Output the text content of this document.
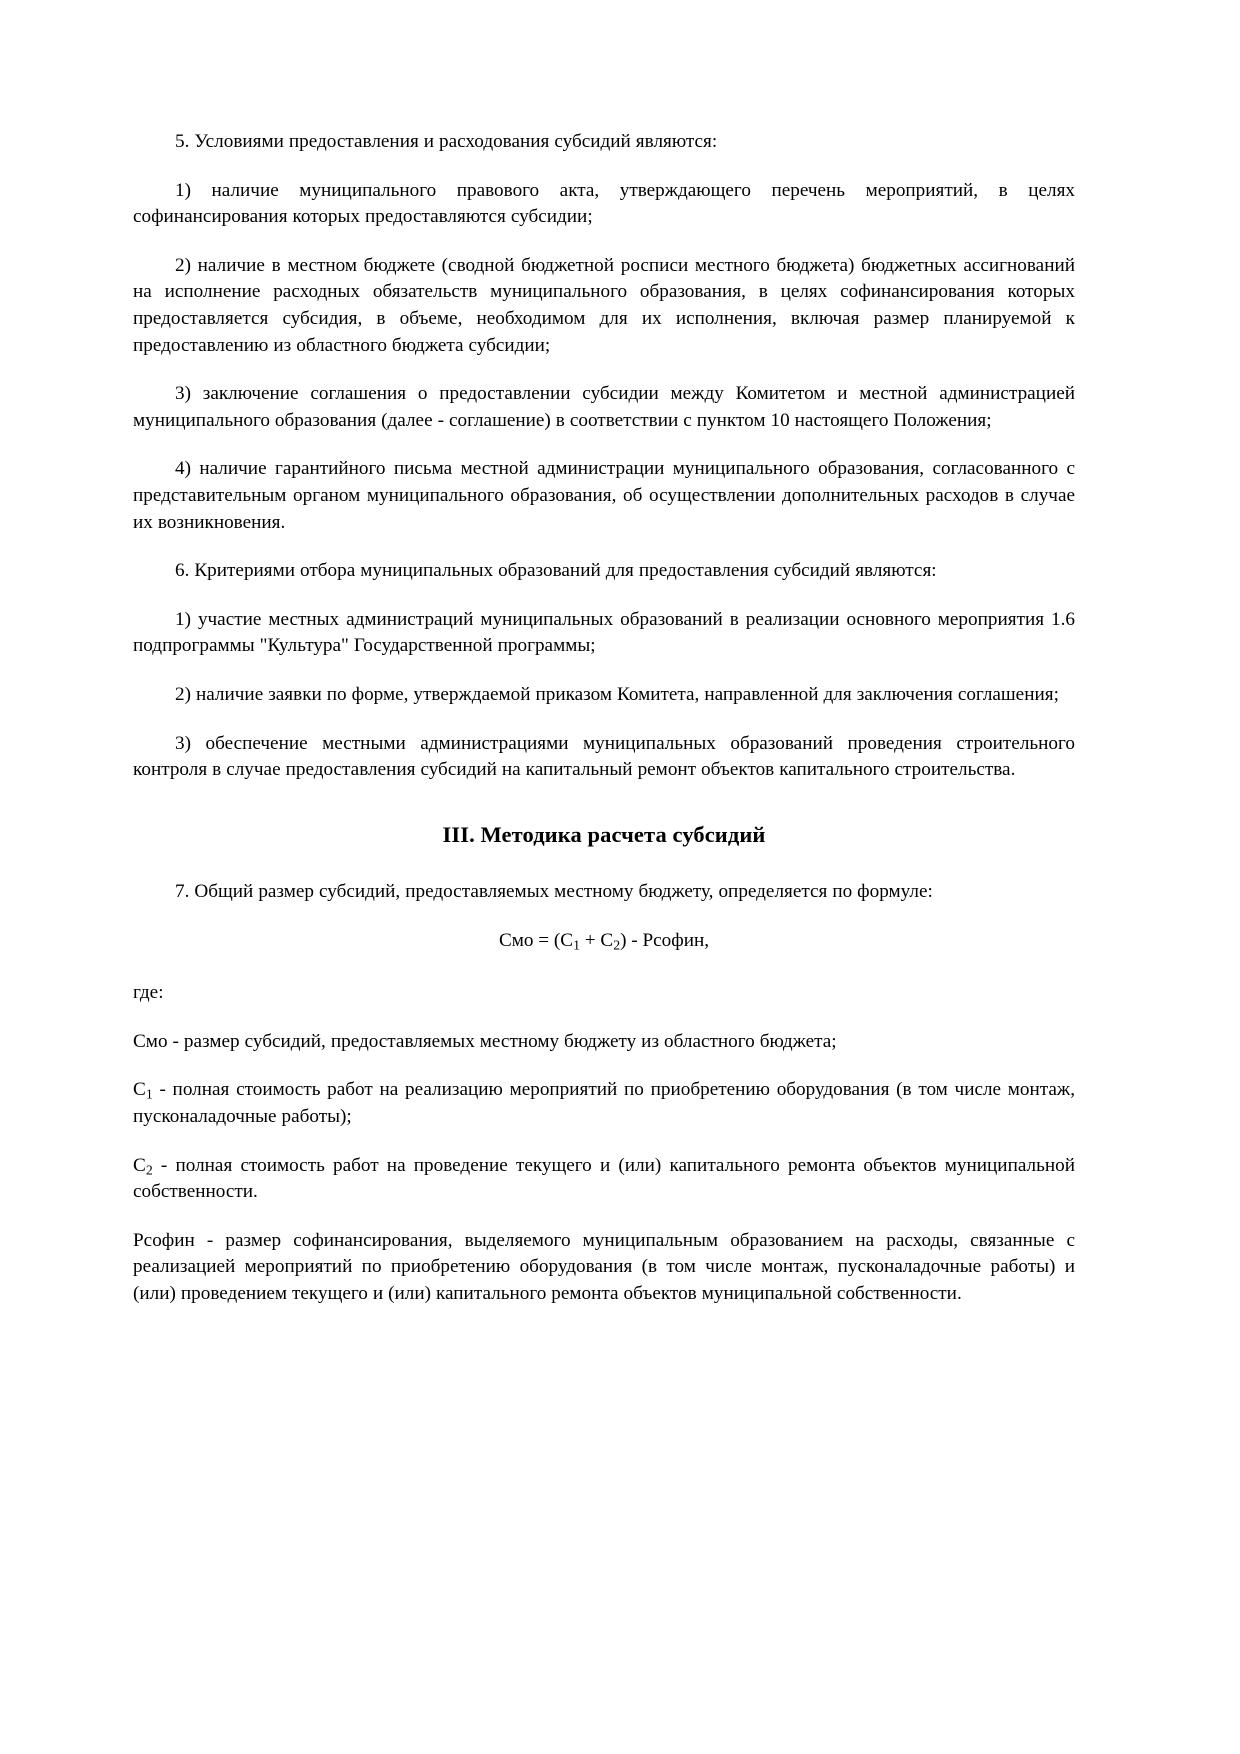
5. Условиями предоставления и расходования субсидий являются:

1) наличие муниципального правового акта, утверждающего перечень мероприятий, в целях софинансирования которых предоставляются субсидии;

2) наличие в местном бюджете (сводной бюджетной росписи местного бюджета) бюджетных ассигнований на исполнение расходных обязательств муниципального образования, в целях софинансирования которых предоставляется субсидия, в объеме, необходимом для их исполнения, включая размер планируемой к предоставлению из областного бюджета субсидии;

3) заключение соглашения о предоставлении субсидии между Комитетом и местной администрацией муниципального образования (далее - соглашение) в соответствии с пунктом 10 настоящего Положения;

4) наличие гарантийного письма местной администрации муниципального образования, согласованного с представительным органом муниципального образования, об осуществлении дополнительных расходов в случае их возникновения.

6. Критериями отбора муниципальных образований для предоставления субсидий являются:

1) участие местных администраций муниципальных образований в реализации основного мероприятия 1.6 подпрограммы "Культура" Государственной программы;

2) наличие заявки по форме, утверждаемой приказом Комитета, направленной для заключения соглашения;

3) обеспечение местными администрациями муниципальных образований проведения строительного контроля в случае предоставления субсидий на капитальный ремонт объектов капитального строительства.

III. Методика расчета субсидий

7. Общий размер субсидий, предоставляемых местному бюджету, определяется по формуле:

Смо = $(С_1 + С_2)$ - Рсофин,

где:

Смо - размер субсидий, предоставляемых местному бюджету из областного бюджета;

$С_1$ - полная стоимость работ на реализацию мероприятий по приобретению оборудования (в том числе монтаж, пусконаладочные работы);

$С_2$ - полная стоимость работ на проведение текущего и (или) капитального ремонта объектов муниципальной собственности.

Рсофин - размер софинансирования, выделяемого муниципальным образованием на расходы, связанные с реализацией мероприятий по приобретению оборудования (в том числе монтаж, пусконаладочные работы) и (или) проведением текущего и (или) капитального ремонта объектов муниципальной собственности.
